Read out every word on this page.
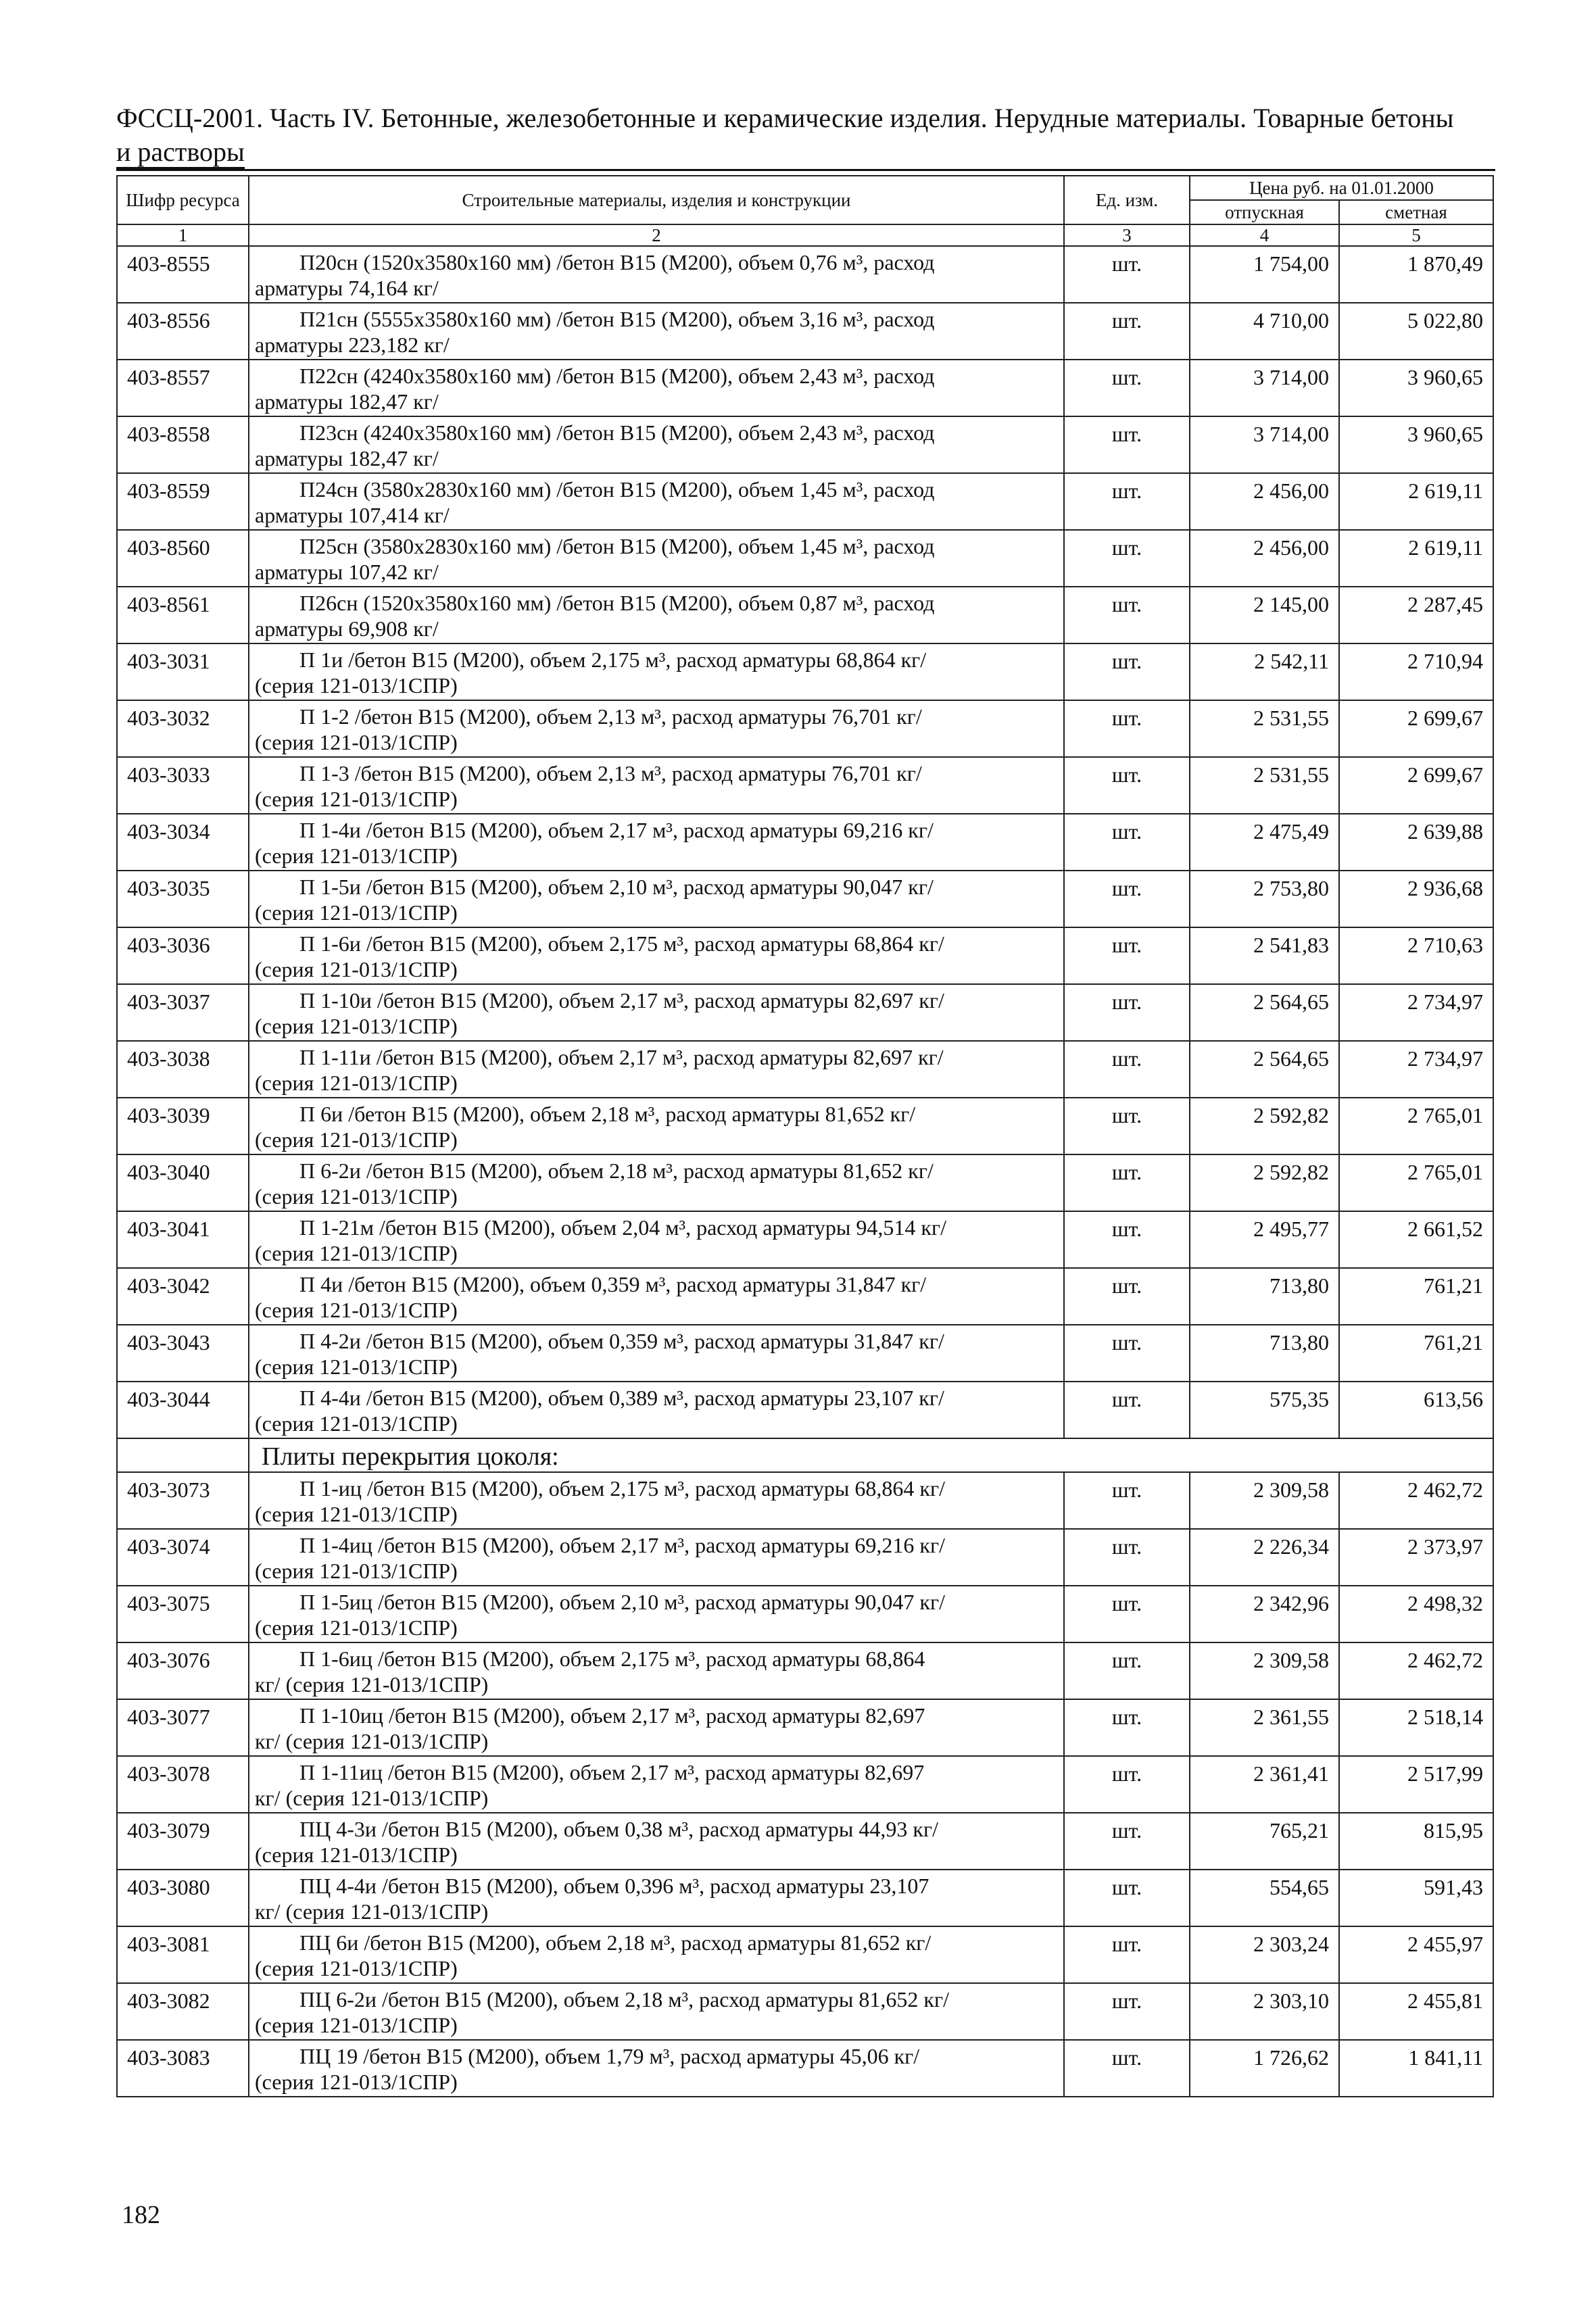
ФССЦ-2001. Часть IV. Бетонные, железобетонные и керамические изделия. Нерудные материалы. Товарные бетоны
и растворы
Шифр ресурса	Строительные материалы, изделия и конструкции	Ед. изм.	Цена руб. на 01.01.2000	
			отпускная	сметная
1	2	3	4	5
403-8555	П20сн (1520х3580х160 мм) /бетон В15 (М200), объем 0,76 м³, расход
арматуры 74,164 кг/	шт.	1 754,00	1 870,49
403-8556	П21сн (5555х3580х160 мм) /бетон В15 (М200), объем 3,16 м³, расход
арматуры 223,182 кг/	шт.	4 710,00	5 022,80
403-8557	П22сн (4240х3580х160 мм) /бетон В15 (М200), объем 2,43 м³, расход
арматуры 182,47 кг/	шт.	3 714,00	3 960,65
403-8558	П23сн (4240х3580х160 мм) /бетон В15 (М200), объем 2,43 м³, расход
арматуры 182,47 кг/	шт.	3 714,00	3 960,65
403-8559	П24сн (3580х2830х160 мм) /бетон В15 (М200), объем 1,45 м³, расход
арматуры 107,414 кг/	шт.	2 456,00	2 619,11
403-8560	П25сн (3580х2830х160 мм) /бетон В15 (М200), объем 1,45 м³, расход
арматуры 107,42 кг/	шт.	2 456,00	2 619,11
403-8561	П26сн (1520х3580х160 мм) /бетон В15 (М200), объем 0,87 м³, расход
арматуры 69,908 кг/	шт.	2 145,00	2 287,45
403-3031	П 1и /бетон В15 (М200), объем 2,175 м³, расход арматуры 68,864 кг/
(серия 121-013/1СПР)	шт.	2 542,11	2 710,94
403-3032	П 1-2 /бетон В15 (М200), объем 2,13 м³, расход арматуры 76,701 кг/
(серия 121-013/1СПР)	шт.	2 531,55	2 699,67
403-3033	П 1-3 /бетон В15 (М200), объем 2,13 м³, расход арматуры 76,701 кг/
(серия 121-013/1СПР)	шт.	2 531,55	2 699,67
403-3034	П 1-4и /бетон В15 (М200), объем 2,17 м³, расход арматуры 69,216 кг/
(серия 121-013/1СПР)	шт.	2 475,49	2 639,88
403-3035	П 1-5и /бетон В15 (М200), объем 2,10 м³, расход арматуры 90,047 кг/
(серия 121-013/1СПР)	шт.	2 753,80	2 936,68
403-3036	П 1-6и /бетон В15 (М200), объем 2,175 м³, расход арматуры 68,864 кг/
(серия 121-013/1СПР)	шт.	2 541,83	2 710,63
403-3037	П 1-10и /бетон В15 (М200), объем 2,17 м³, расход арматуры 82,697 кг/
(серия 121-013/1СПР)	шт.	2 564,65	2 734,97
403-3038	П 1-11и /бетон В15 (М200), объем 2,17 м³, расход арматуры 82,697 кг/
(серия 121-013/1СПР)	шт.	2 564,65	2 734,97
403-3039	П 6и /бетон В15 (М200), объем 2,18 м³, расход арматуры 81,652 кг/
(серия 121-013/1СПР)	шт.	2 592,82	2 765,01
403-3040	П 6-2и /бетон В15 (М200), объем 2,18 м³, расход арматуры 81,652 кг/
(серия 121-013/1СПР)	шт.	2 592,82	2 765,01
403-3041	П 1-21м /бетон В15 (М200), объем 2,04 м³, расход арматуры 94,514 кг/
(серия 121-013/1СПР)	шт.	2 495,77	2 661,52
403-3042	П 4и /бетон В15 (М200), объем 0,359 м³, расход арматуры 31,847 кг/
(серия 121-013/1СПР)	шт.	713,80	761,21
403-3043	П 4-2и /бетон В15 (М200), объем 0,359 м³, расход арматуры 31,847 кг/
(серия 121-013/1СПР)	шт.	713,80	761,21
403-3044	П 4-4и /бетон В15 (М200), объем 0,389 м³, расход арматуры 23,107 кг/
(серия 121-013/1СПР)	шт.	575,35	613,56
	Плиты перекрытия цоколя:			
403-3073	П 1-иц /бетон В15 (М200), объем 2,175 м³, расход арматуры 68,864 кг/
(серия 121-013/1СПР)	шт.	2 309,58	2 462,72
403-3074	П 1-4иц /бетон В15 (М200), объем 2,17 м³, расход арматуры 69,216 кг/
(серия 121-013/1СПР)	шт.	2 226,34	2 373,97
403-3075	П 1-5иц /бетон В15 (М200), объем 2,10 м³, расход арматуры 90,047 кг/
(серия 121-013/1СПР)	шт.	2 342,96	2 498,32
403-3076	П 1-6иц /бетон В15 (М200), объем 2,175 м³, расход арматуры 68,864
кг/ (серия 121-013/1СПР)	шт.	2 309,58	2 462,72
403-3077	П 1-10иц /бетон В15 (М200), объем 2,17 м³, расход арматуры 82,697
кг/ (серия 121-013/1СПР)	шт.	2 361,55	2 518,14
403-3078	П 1-11иц /бетон В15 (М200), объем 2,17 м³, расход арматуры 82,697
кг/ (серия 121-013/1СПР)	шт.	2 361,41	2 517,99
403-3079	ПЦ 4-3и /бетон В15 (М200), объем 0,38 м³, расход арматуры 44,93 кг/
(серия 121-013/1СПР)	шт.	765,21	815,95
403-3080	ПЦ 4-4и /бетон В15 (М200), объем 0,396 м³, расход арматуры 23,107
кг/ (серия 121-013/1СПР)	шт.	554,65	591,43
403-3081	ПЦ 6и /бетон В15 (М200), объем 2,18 м³, расход арматуры 81,652 кг/
(серия 121-013/1СПР)	шт.	2 303,24	2 455,97
403-3082	ПЦ 6-2и /бетон В15 (М200), объем 2,18 м³, расход арматуры 81,652 кг/
(серия 121-013/1СПР)	шт.	2 303,10	2 455,81
403-3083	ПЦ 19 /бетон В15 (М200), объем 1,79 м³, расход арматуры 45,06 кг/
(серия 121-013/1СПР)	шт.	1 726,62	1 841,11
182
